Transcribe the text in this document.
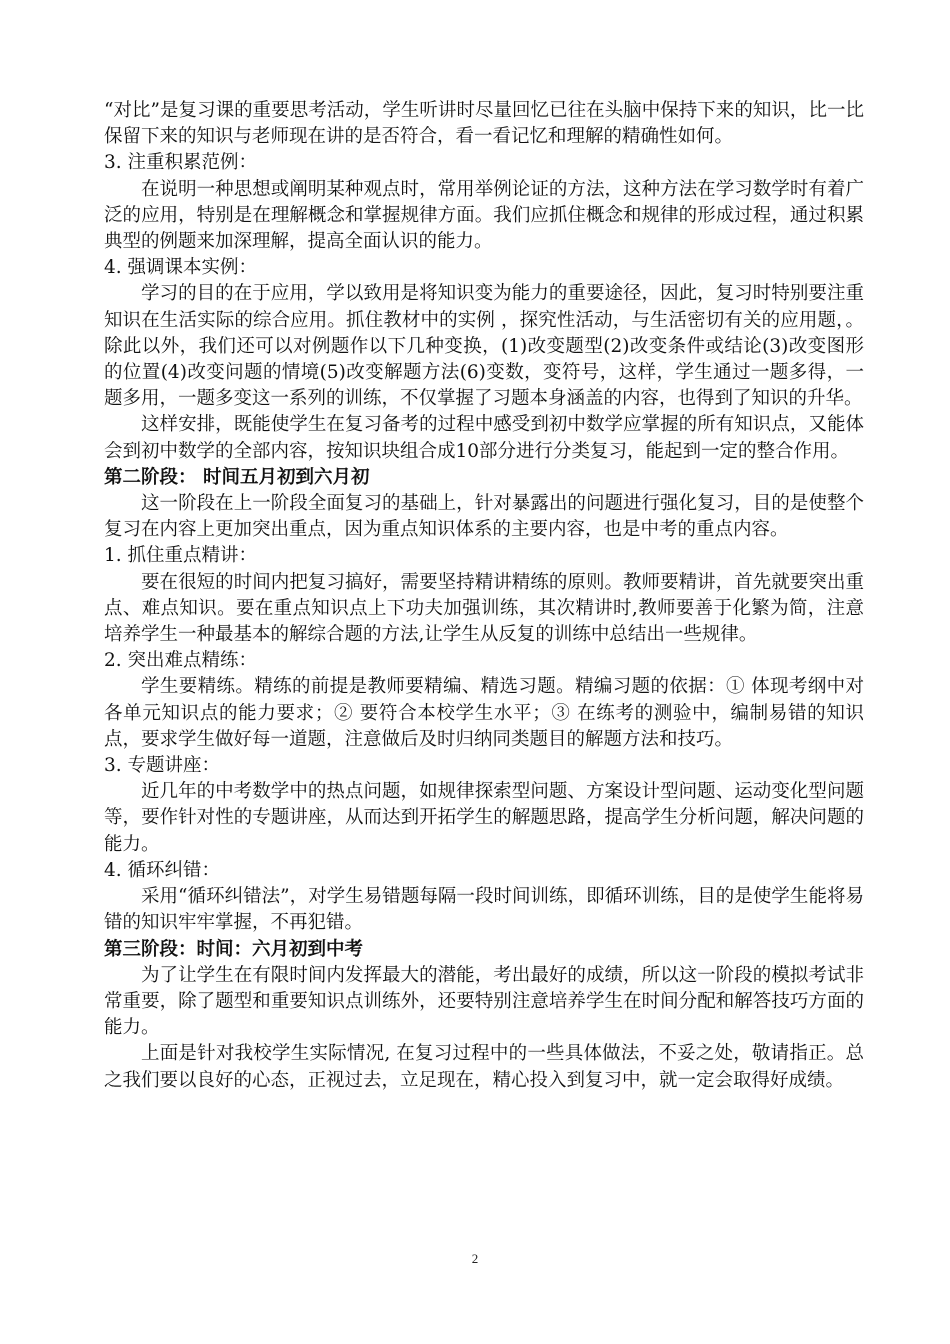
“对比”是复习课的重要思考活动，学生听讲时尽量回忆已往在头脑中保持下来的知识，比一比保留下来的知识与老师现在讲的是否符合，看一看记忆和理解的精确性如何。

3. 注重积累范例：

在说明一种思想或阐明某种观点时，常用举例论证的方法，这种方法在学习数学时有着广泛的应用，特别是在理解概念和掌握规律方面。我们应抓住概念和规律的形成过程，通过积累典型的例题来加深理解，提高全面认识的能力。

4. 强调课本实例：

学习的目的在于应用，学以致用是将知识变为能力的重要途径，因此，复习时特别要注重知识在生活实际的综合应用。抓住教材中的实例 ，探究性活动，与生活密切有关的应用题，。除此以外，我们还可以对例题作以下几种变换，(1)改变题型(2)改变条件或结论(3)改变图形的位置(4)改变问题的情境(5)改变解题方法(6)变数，变符号，这样，学生通过一题多得，一题多用，一题多变这一系列的训练，不仅掌握了习题本身涵盖的内容，也得到了知识的升华。

这样安排，既能使学生在复习备考的过程中感受到初中数学应掌握的所有知识点，又能体会到初中数学的全部内容，按知识块组合成10部分进行分类复习，能起到一定的整合作用。

第二阶段： 时间五月初到六月初

这一阶段在上一阶段全面复习的基础上，针对暴露出的问题进行强化复习，目的是使整个复习在内容上更加突出重点，因为重点知识体系的主要内容，也是中考的重点内容。

1. 抓住重点精讲：

要在很短的时间内把复习搞好，需要坚持精讲精练的原则。教师要精讲，首先就要突出重点、难点知识。要在重点知识点上下功夫加强训练，其次精讲时,教师要善于化繁为简，注意培养学生一种最基本的解综合题的方法,让学生从反复的训练中总结出一些规律。

2. 突出难点精练：

学生要精练。精练的前提是教师要精编、精选习题。精编习题的依据：① 体现考纲中对各单元知识点的能力要求；② 要符合本校学生水平；③ 在练考的测验中，编制易错的知识点，要求学生做好每一道题，注意做后及时归纳同类题目的解题方法和技巧。

3. 专题讲座：

近几年的中考数学中的热点问题，如规律探索型问题、方案设计型问题、运动变化型问题等，要作针对性的专题讲座，从而达到开拓学生的解题思路，提高学生分析问题，解决问题的能力。

4. 循环纠错：

采用“循环纠错法”，对学生易错题每隔一段时间训练，即循环训练，目的是使学生能将易错的知识牢牢掌握，不再犯错。

第三阶段：时间：六月初到中考

为了让学生在有限时间内发挥最大的潜能，考出最好的成绩，所以这一阶段的模拟考试非常重要，除了题型和重要知识点训练外，还要特别注意培养学生在时间分配和解答技巧方面的能力。

上面是针对我校学生实际情况, 在复习过程中的一些具体做法，不妥之处，敬请指正。总之我们要以良好的心态，正视过去，立足现在，精心投入到复习中，就一定会取得好成绩。

2
